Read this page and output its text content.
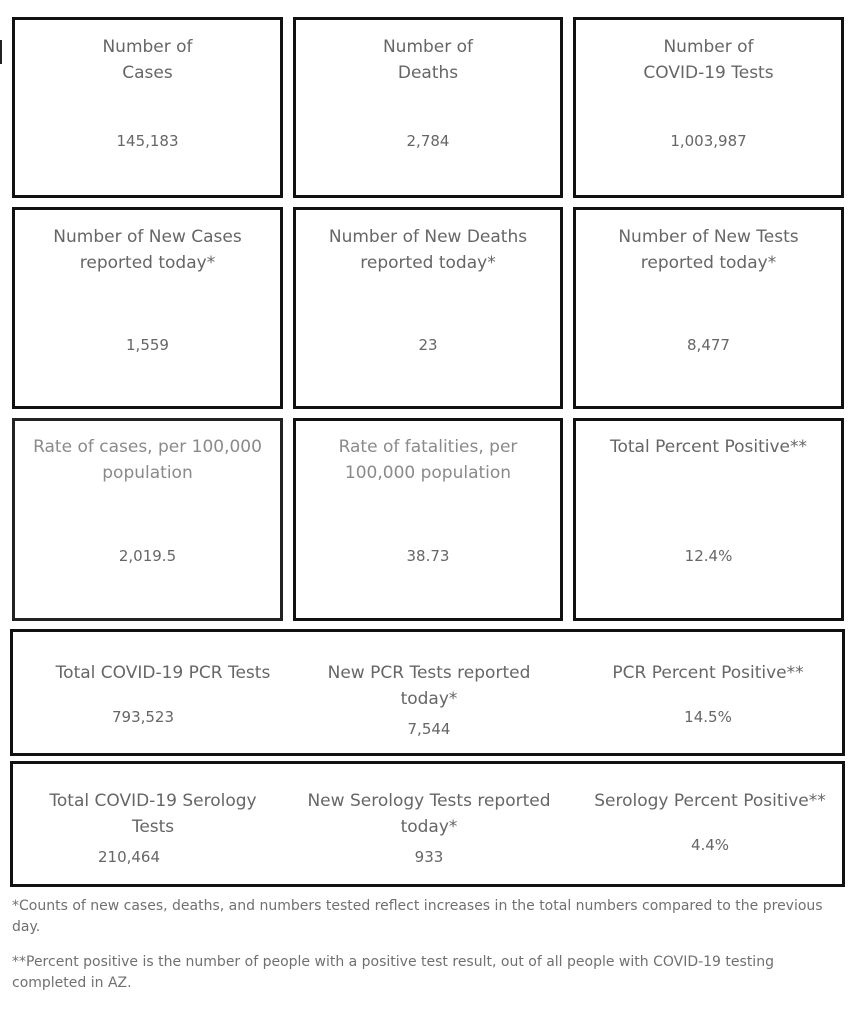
Number of
Cases
145,183
Number of
Deaths
2,784
Number of
COVID-19 Tests
1,003,987
Number of New Cases reported today*
1,559
Number of New Deaths reported today*
23
Number of New Tests reported today*
8,477
Rate of cases, per 100,000 population
2,019.5
Rate of fatalities, per 100,000 population
38.73
Total Percent Positive**
12.4%
Total COVID-19 PCR Tests
793,523
New PCR Tests reported today*
7,544
PCR Percent Positive**
14.5%
Total COVID-19 Serology Tests
210,464
New Serology Tests reported today*
933
Serology Percent Positive**
4.4%
*Counts of new cases, deaths, and numbers tested reflect increases in the total numbers compared to the previous day.
**Percent positive is the number of people with a positive test result, out of all people with COVID-19 testing completed in AZ.
